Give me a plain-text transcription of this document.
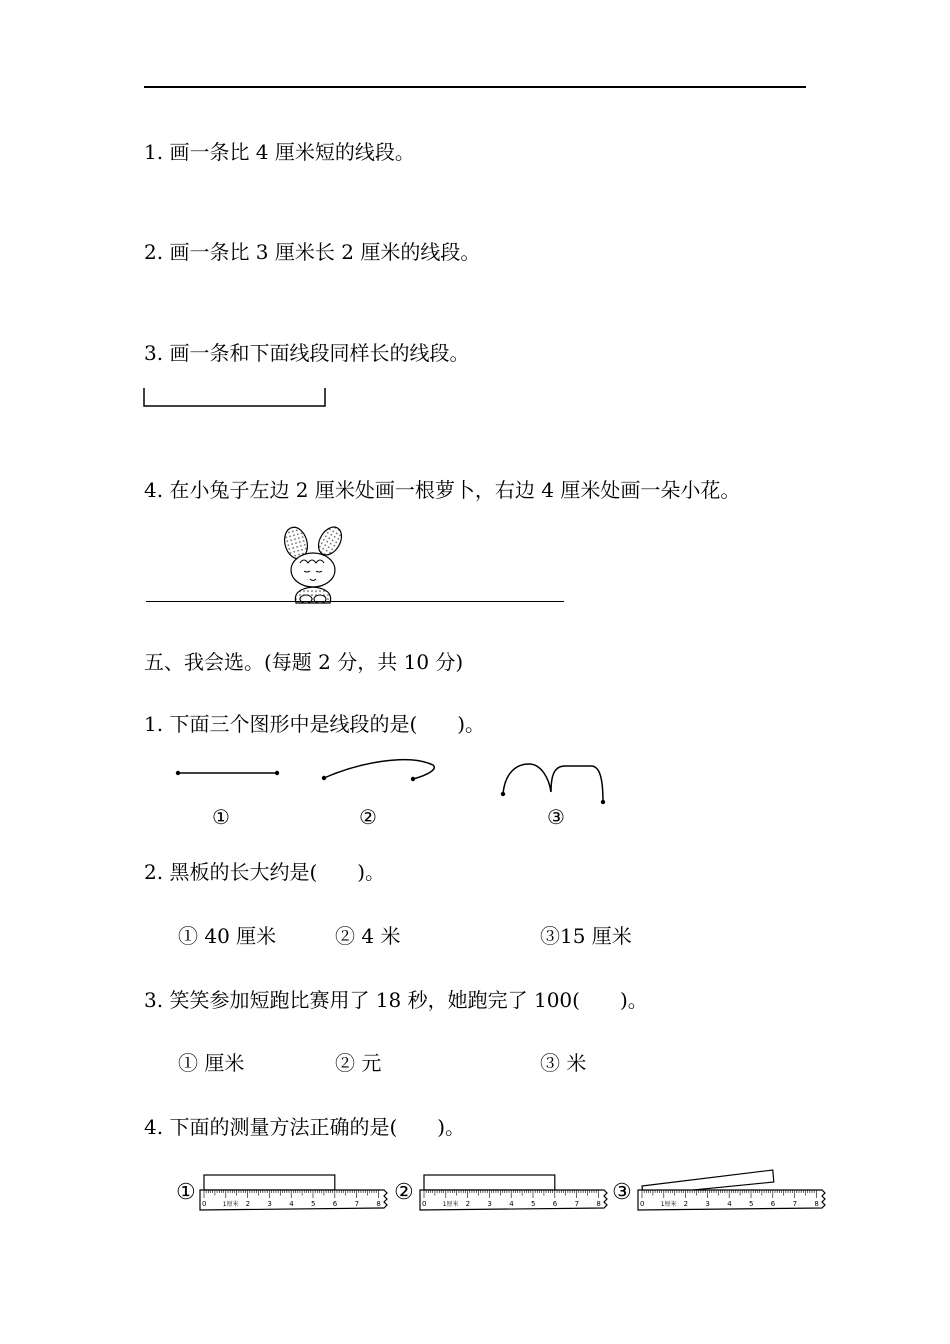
1. 画一条比 4 厘米短的线段。
2. 画一条比 3 厘米长 2 厘米的线段。
3. 画一条和下面线段同样长的线段。
4. 在小兔子左边 2 厘米处画一根萝卜，右边 4 厘米处画一朵小花。
五、我会选。(每题 2 分，共 10 分)
1. 下面三个图形中是线段的是(　　)。
①	②	③
2. 黑板的长大约是(　　)。
① 40 厘米	② 4 米	③15 厘米
3. 笑笑参加短跑比赛用了 18 秒，她跑完了 100(　　)。
① 厘米	② 元	③ 米
4. 下面的测量方法正确的是(　　)。
①	②	③
0	1厘米 2 3 4 5 6 7 8	0	1厘米 2 3 4 5 6 7 8	0	1厘米 2 3 4 5 6 7 8
